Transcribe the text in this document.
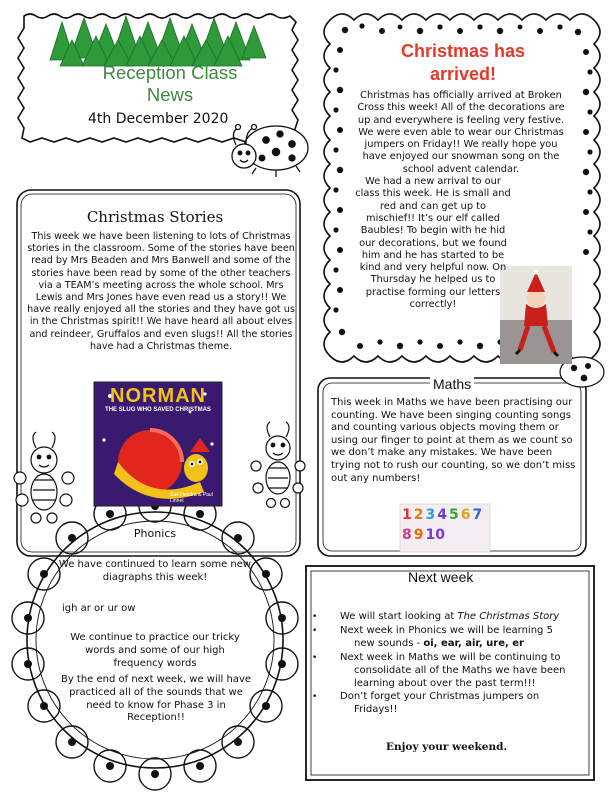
Reception Class
News
4th December 2020
Christmas has
arrived!
Christmas has officially arrived at Broken Cross this week! All of the decorations are up and everywhere is feeling very festive. We were even able to wear our Christmas jumpers on Friday!! We really hope you have enjoyed our snowman song on the school advent calendar.
We had a new arrival to our class this week. He is small and red and can get up to mischief!! It’s our elf called Baubles! To begin with he hid our decorations, but we found him and he has started to be kind and very helpful now. On Thursday he helped us to practise forming our letters correctly!
Christmas Stories
This week we have been listening to lots of Christmas stories in the classroom. Some of the stories have been read by Mrs Beaden and Mrs Banwell and some of the stories have been read by some of the other teachers via a TEAM’s meeting across the whole school. Mrs Lewis and Mrs Jones have even read us a story!! We have really enjoyed all the stories and they have got us in the Christmas spirit!! We have heard all about elves and reindeer, Gruffalos and even slugs!! All the stories have had a Christmas theme.
NORMAN
THE SLUG WHO SAVED CHRISTMAS
Sue Hendra & Paul Linnet
Maths
This week in Maths we have been practising our counting. We have been singing counting songs and counting various objects moving them or using our finger to point at them as we count so we don’t make any mistakes. We have been trying not to rush our counting, so we don’t miss out any numbers!
1 2 3 4 5 6 7
8 9 10
Phonics
We have continued to learn some new diagraphs this week!
igh ar or ur ow
We continue to practice our tricky words and some of our high frequency words
By the end of next week, we will have practiced all of the sounds that we need to know for Phase 3 in Reception!!
Next week
• We will start looking at The Christmas Story
• Next week in Phonics we will be learning 5
new sounds - oi, ear, air, ure, er
• Next week in Maths we will be continuing to
consolidate all of the Maths we have been
learning about over the past term!!!
• Don’t forget your Christmas jumpers on
Fridays!!
Enjoy your weekend.
